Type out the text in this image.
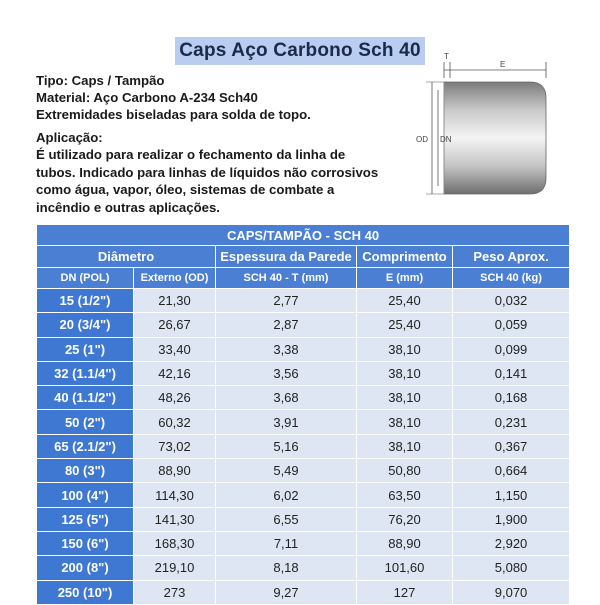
Caps Aço Carbono Sch 40
Tipo: Caps / Tampão
Material: Aço Carbono A-234 Sch40
Extremidades biseladas para solda de topo.
Aplicação:
É utilizado para realizar o fechamento da linha de tubos. Indicado para linhas de líquidos não corrosivos como água, vapor, óleo, sistemas de combate a incêndio e outras aplicações.
T
E
OD DN
CAPS/TAMPÃO - SCH 40				
Diâmetro		Espessura da Parede	Comprimento	Peso Aprox.
DN (POL)	Externo (OD)	SCH 40 - T (mm)	E (mm)	SCH 40 (kg)
15 (1/2")	21,30	2,77	25,40	0,032
20 (3/4")	26,67	2,87	25,40	0,059
25 (1")	33,40	3,38	38,10	0,099
32 (1.1/4")	42,16	3,56	38,10	0,141
40 (1.1/2")	48,26	3,68	38,10	0,168
50 (2")	60,32	3,91	38,10	0,231
65 (2.1/2")	73,02	5,16	38,10	0,367
80 (3")	88,90	5,49	50,80	0,664
100 (4")	114,30	6,02	63,50	1,150
125 (5")	141,30	6,55	76,20	1,900
150 (6")	168,30	7,11	88,90	2,920
200 (8")	219,10	8,18	101,60	5,080
250 (10")	273	9,27	127	9,070
